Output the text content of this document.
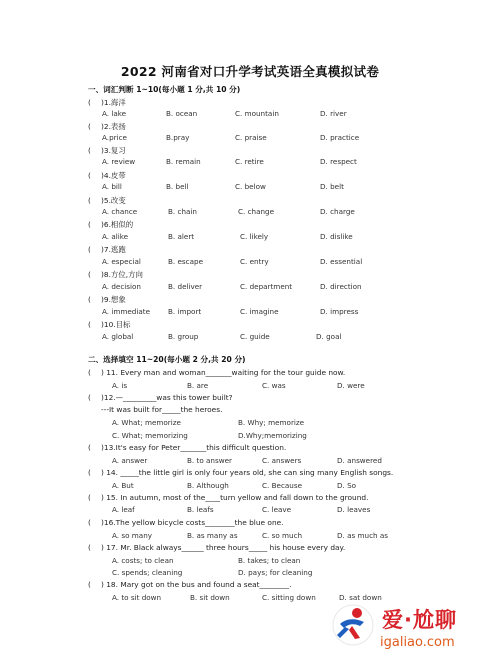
2022 河南省对口升学考试英语全真模拟试卷
一、词汇判断 1~10(每小题 1 分,共 10 分)
( )1.海洋
A. lake	B. ocean	C. mountain	D. river
( )2.表扬
A.price	B.pray	C. praise	D. practice
( )3.复习
A. review	B. remain	C. retire	D. respect
( )4.皮带
A. bill	B. bell	C. below	D. belt
( )5.改变
A. chance	B. chain	C. change	D. charge
( )6.相似的
A. alike	B. alert	C. likely	D. dislike
( )7.逃跑
A. especial	B. escape	C. entry	D. essential
( )8.方位,方向
A. decision	B. deliver	C. department	D. direction
( )9.想象
A. immediate	B. import	C. imagine	D. impress
( )10.目标
A. global	B. group	C. guide	D. goal
二、选择填空 11~20(每小题 2 分,共 20 分)
( ) 11. Every man and woman_______waiting for the tour guide now.
A. is	B. are	C. was	D. were
( )12.—_________was this tower built?
---It was built for_____the heroes.
A. What; memorize	B. Why; memorize
C. What; memorizing	D.Why;memorizing
( )13.It's easy for Peter_______this difficult question.
A. answer	B. to answer	C. answers	D. answered
( ) 14. _____the little girl is only four years old, she can sing many English songs.
A. But	B. Although	C. Because	D. So
( ) 15. In autumn, most of the____turn yellow and fall down to the ground.
A. leaf	B. leafs	C. leave	D. leaves
( )16.The yellow bicycle costs________the blue one.
A. so many	B. as many as	C. so much	D. as much as
( ) 17. Mr. Black always______ three hours_____ his house every day.
A. costs; to clean	B. takes; to clean
C. spends; cleaning	D. pays; for cleaning
( ) 18. Mary got on the bus and found a seat________.
A. to sit down	B. sit down	C. sitting down	D. sat down
爱·尬聊
igaliao.com
